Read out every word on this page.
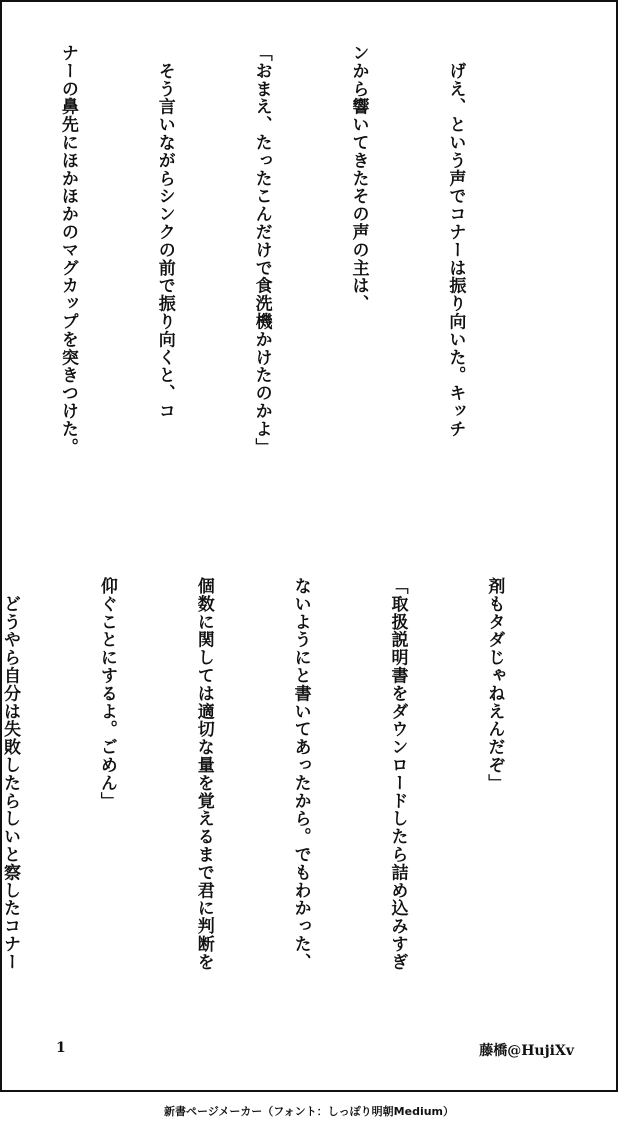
　げえ、という声でコナーは振り向いた。キッチ

ンから響いてきたその声の主は、

「おまえ、たったこんだけで食洗機かけたのかよ」

　そう言いながらシンクの前で振り向くと、コ

ナーの鼻先にほかほかのマグカップを突きつけた。

剤もタダじゃねえんだぞ」

「取扱説明書をダウンロードしたら詰め込みすぎ

ないようにと書いてあったから。でもわかった、

個数に関しては適切な量を覚えるまで君に判断を

仰ぐことにするよ。ごめん」

　どうやら自分は失敗したらしいと察したコナー

1	藤橋@HujiXv
新書ページメーカー（フォント：しっぽり明朝Medium）
